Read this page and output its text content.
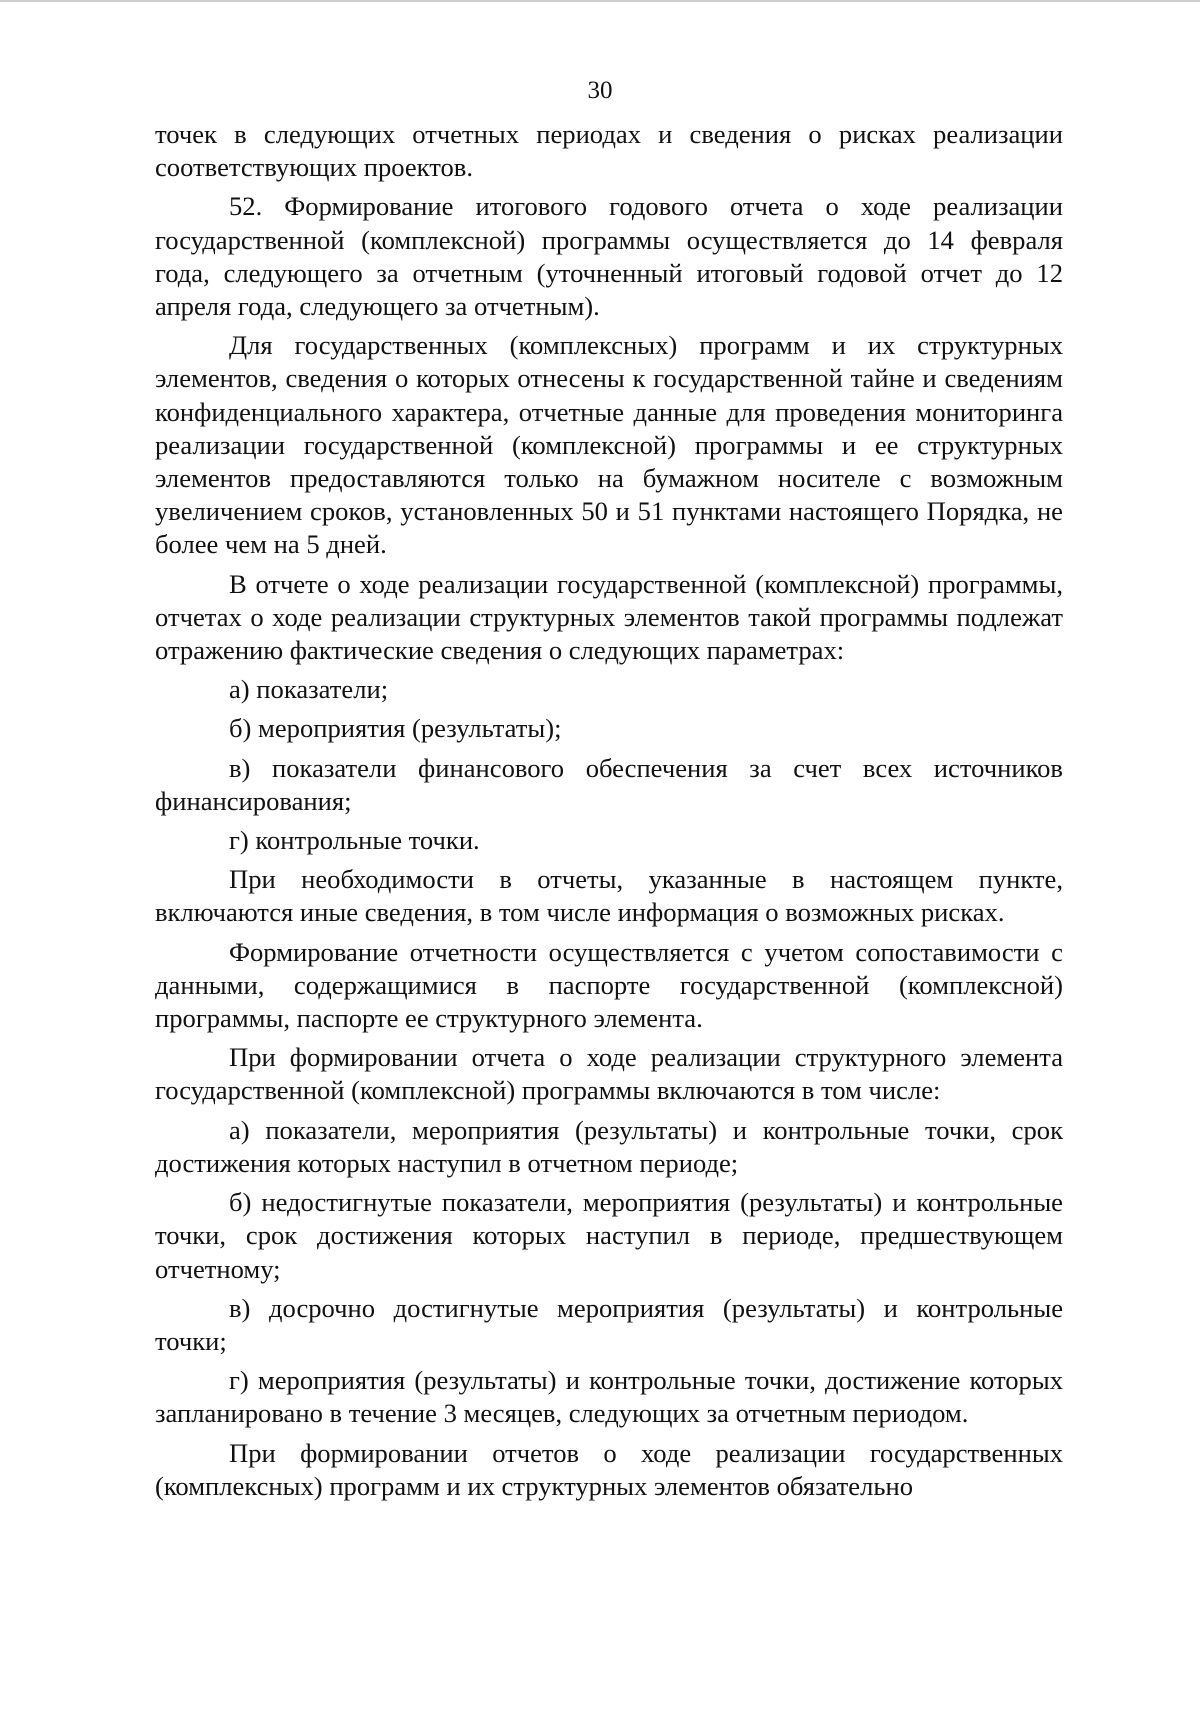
30

точек в следующих отчетных периодах и сведения о рисках реализации соответствующих проектов.

52. Формирование итогового годового отчета о ходе реализации государственной (комплексной) программы осуществляется до 14 февраля года, следующего за отчетным (уточненный итоговый годовой отчет до 12 апреля года, следующего за отчетным).

Для государственных (комплексных) программ и их структурных элементов, сведения о которых отнесены к государственной тайне и сведениям конфиденциального характера, отчетные данные для проведения мониторинга реализации государственной (комплексной) программы и ее структурных элементов предоставляются только на бумажном носителе с возможным увеличением сроков, установленных 50 и 51 пунктами настоящего Порядка, не более чем на 5 дней.

В отчете о ходе реализации государственной (комплексной) программы, отчетах о ходе реализации структурных элементов такой программы подлежат отражению фактические сведения о следующих параметрах:

а) показатели;

б) мероприятия (результаты);

в) показатели финансового обеспечения за счет всех источников финансирования;

г) контрольные точки.

При необходимости в отчеты, указанные в настоящем пункте, включаются иные сведения, в том числе информация о возможных рисках.

Формирование отчетности осуществляется с учетом сопоставимости с данными, содержащимися в паспорте государственной (комплексной) программы, паспорте ее структурного элемента.

При формировании отчета о ходе реализации структурного элемента государственной (комплексной) программы включаются в том числе:

а) показатели, мероприятия (результаты) и контрольные точки, срок достижения которых наступил в отчетном периоде;

б) недостигнутые показатели, мероприятия (результаты) и контрольные точки, срок достижения которых наступил в периоде, предшествующем отчетному;

в) досрочно достигнутые мероприятия (результаты) и контрольные точки;

г) мероприятия (результаты) и контрольные точки, достижение которых запланировано в течение 3 месяцев, следующих за отчетным периодом.

При формировании отчетов о ходе реализации государственных (комплексных) программ и их структурных элементов обязательно
